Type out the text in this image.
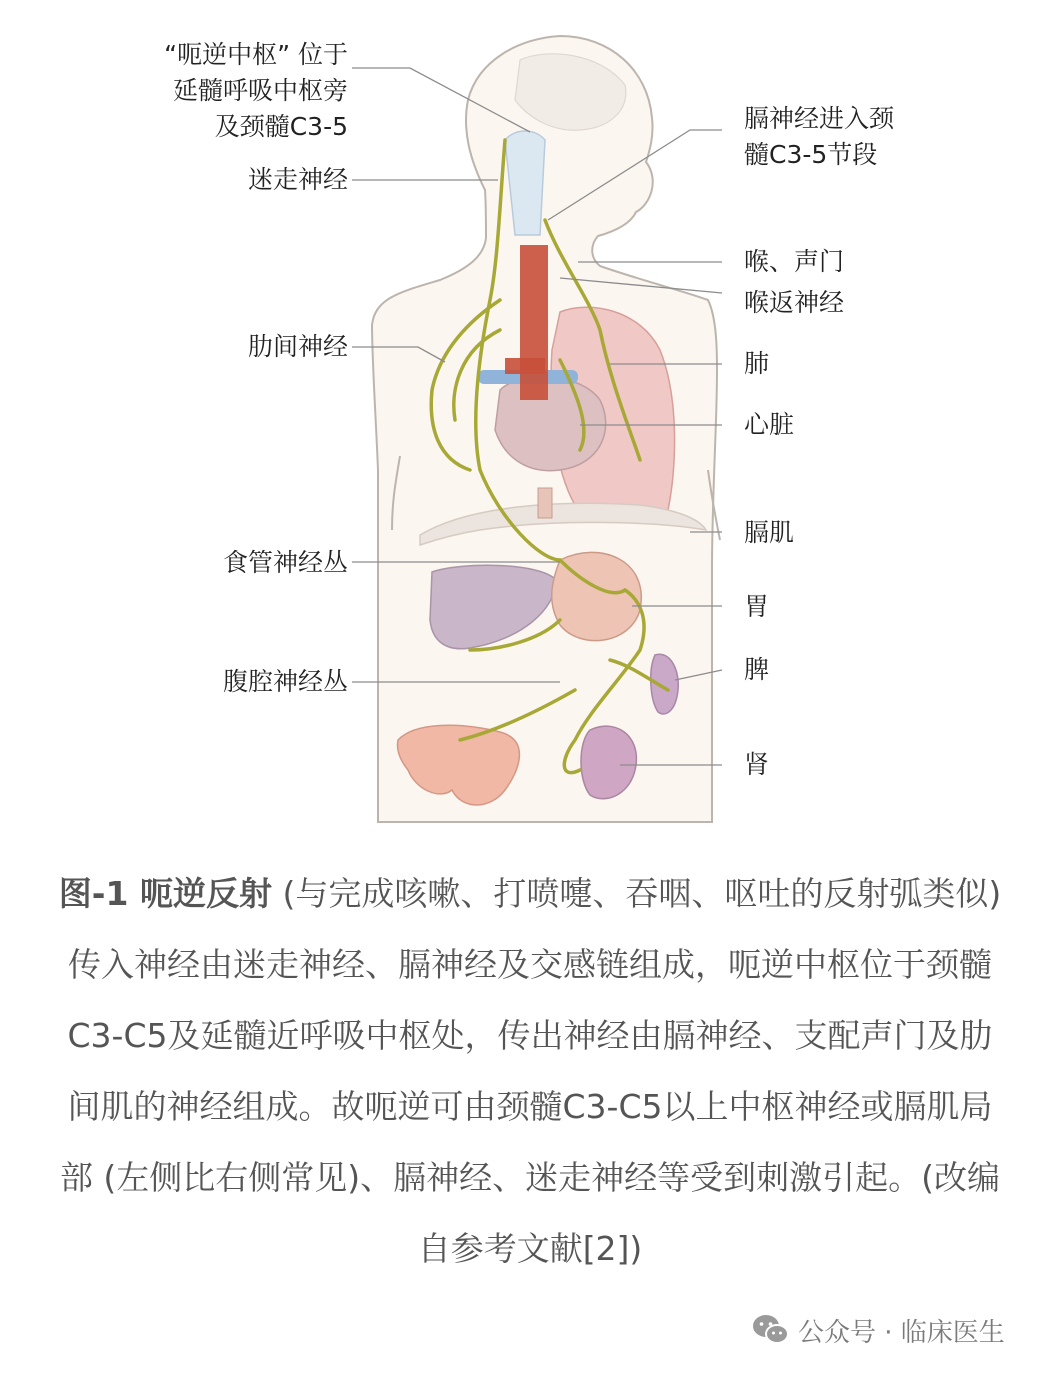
“呃逆中枢” 位于
延髓呼吸中枢旁
及颈髓C3-5
迷走神经
肋间神经
食管神经丛
腹腔神经丛
膈神经进入颈
髓C3-5节段
喉、声门
喉返神经
肺
心脏
膈肌
胃
脾
肾
图-1 呃逆反射 (与完成咳嗽、打喷嚏、吞咽、呕吐的反射弧类似) 传入神经由迷走神经、膈神经及交感链组成，呃逆中枢位于颈髓C3-C5及延髓近呼吸中枢处，传出神经由膈神经、支配声门及肋间肌的神经组成。故呃逆可由颈髓C3-C5以上中枢神经或膈肌局部 (左侧比右侧常见)、膈神经、迷走神经等受到刺激引起。(改编自参考文献[2])
公众号 · 临床医生
